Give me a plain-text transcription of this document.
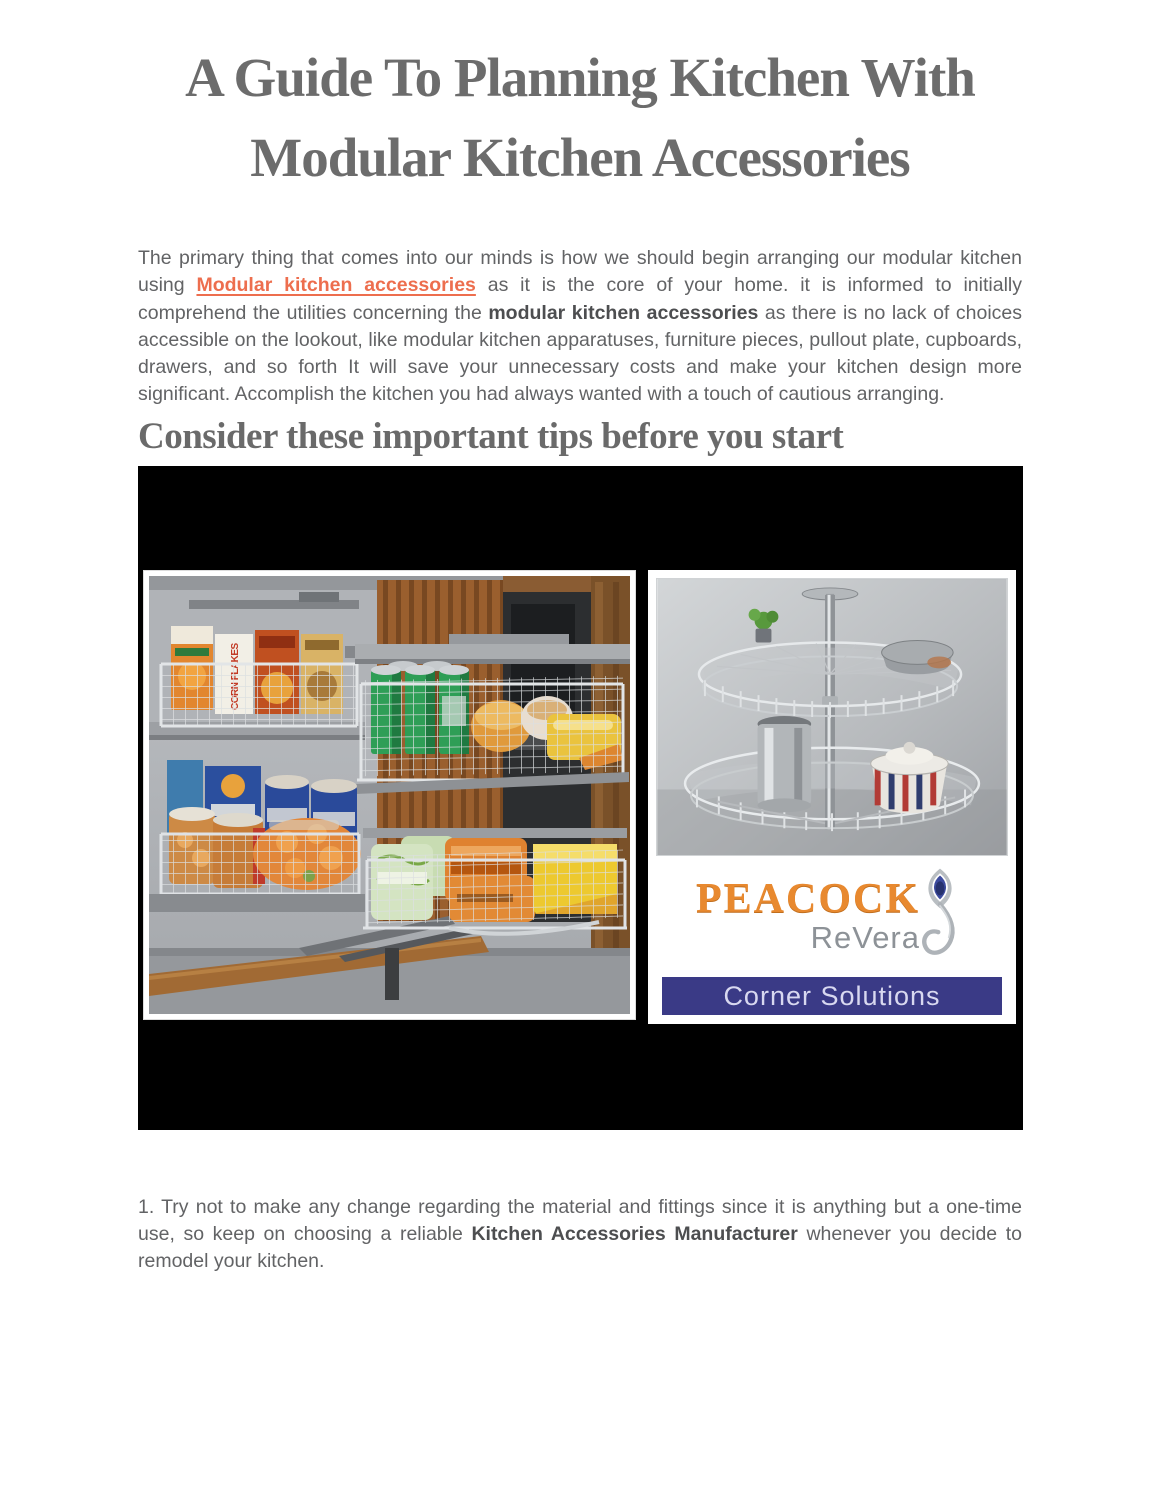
A Guide To Planning Kitchen With
Modular Kitchen Accessories

The primary thing that comes into our minds is how we should begin arranging our modular kitchen using Modular kitchen accessories as it is the core of your home. it is informed to initially comprehend the utilities concerning the modular kitchen accessories as there is no lack of choices accessible on the lookout, like modular kitchen apparatuses, furniture pieces, pullout plate, cupboards, drawers, and so forth It will save your unnecessary costs and make your kitchen design more significant. Accomplish the kitchen you had always wanted with a touch of cautious arranging.

Consider these important tips before you start
PEACOCK
ReVera
Corner Solutions

1. Try not to make any change regarding the material and fittings since it is anything but a one-time use, so keep on choosing a reliable Kitchen Accessories Manufacturer whenever you decide to remodel your kitchen.
